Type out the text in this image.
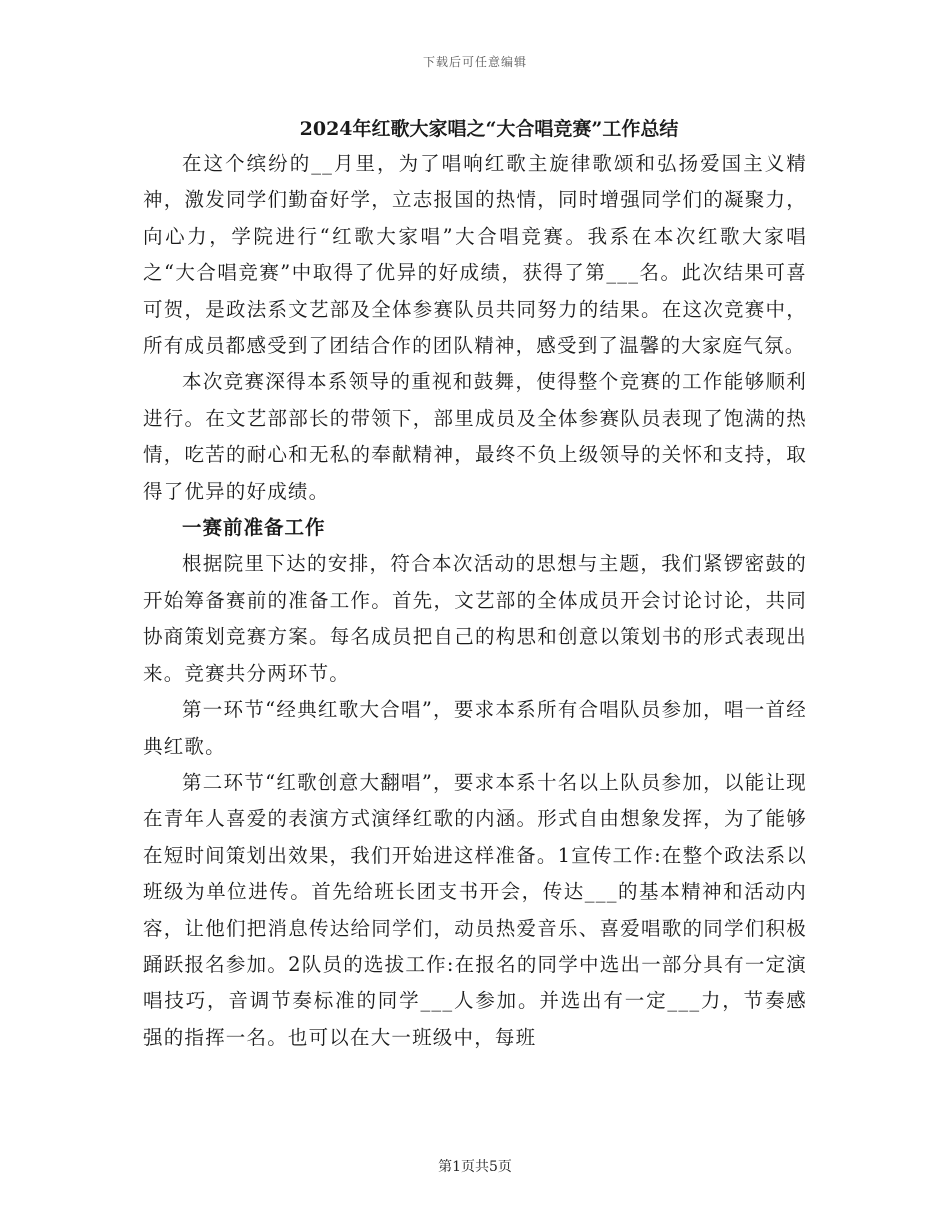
下载后可任意编辑
2024年红歌大家唱之“大合唱竞赛”工作总结

在这个缤纷的__月里，为了唱响红歌主旋律歌颂和弘扬爱国主义精神，激发同学们勤奋好学，立志报国的热情，同时增强同学们的凝聚力，向心力，学院进行“红歌大家唱”大合唱竞赛。我系在本次红歌大家唱之“大合唱竞赛”中取得了优异的好成绩，获得了第___名。此次结果可喜可贺，是政法系文艺部及全体参赛队员共同努力的结果。在这次竞赛中，所有成员都感受到了团结合作的团队精神，感受到了温馨的大家庭气氛。

本次竞赛深得本系领导的重视和鼓舞，使得整个竞赛的工作能够顺利进行。在文艺部部长的带领下，部里成员及全体参赛队员表现了饱满的热情，吃苦的耐心和无私的奉献精神，最终不负上级领导的关怀和支持，取得了优异的好成绩。

一赛前准备工作

根据院里下达的安排，符合本次活动的思想与主题，我们紧锣密鼓的开始筹备赛前的准备工作。首先，文艺部的全体成员开会讨论讨论，共同协商策划竞赛方案。每名成员把自己的构思和创意以策划书的形式表现出来。竞赛共分两环节。

第一环节“经典红歌大合唱”，要求本系所有合唱队员参加，唱一首经典红歌。

第二环节“红歌创意大翻唱”，要求本系十名以上队员参加，以能让现在青年人喜爱的表演方式演绎红歌的内涵。形式自由想象发挥，为了能够在短时间策划出效果，我们开始进这样准备。1宣传工作:在整个政法系以班级为单位进传。首先给班长团支书开会，传达___的基本精神和活动内容，让他们把消息传达给同学们，动员热爱音乐、喜爱唱歌的同学们积极踊跃报名参加。2队员的选拔工作:在报名的同学中选出一部分具有一定演唱技巧，音调节奏标准的同学___人参加。并选出有一定___力，节奏感强的指挥一名。也可以在大一班级中，每班

第1页共5页
